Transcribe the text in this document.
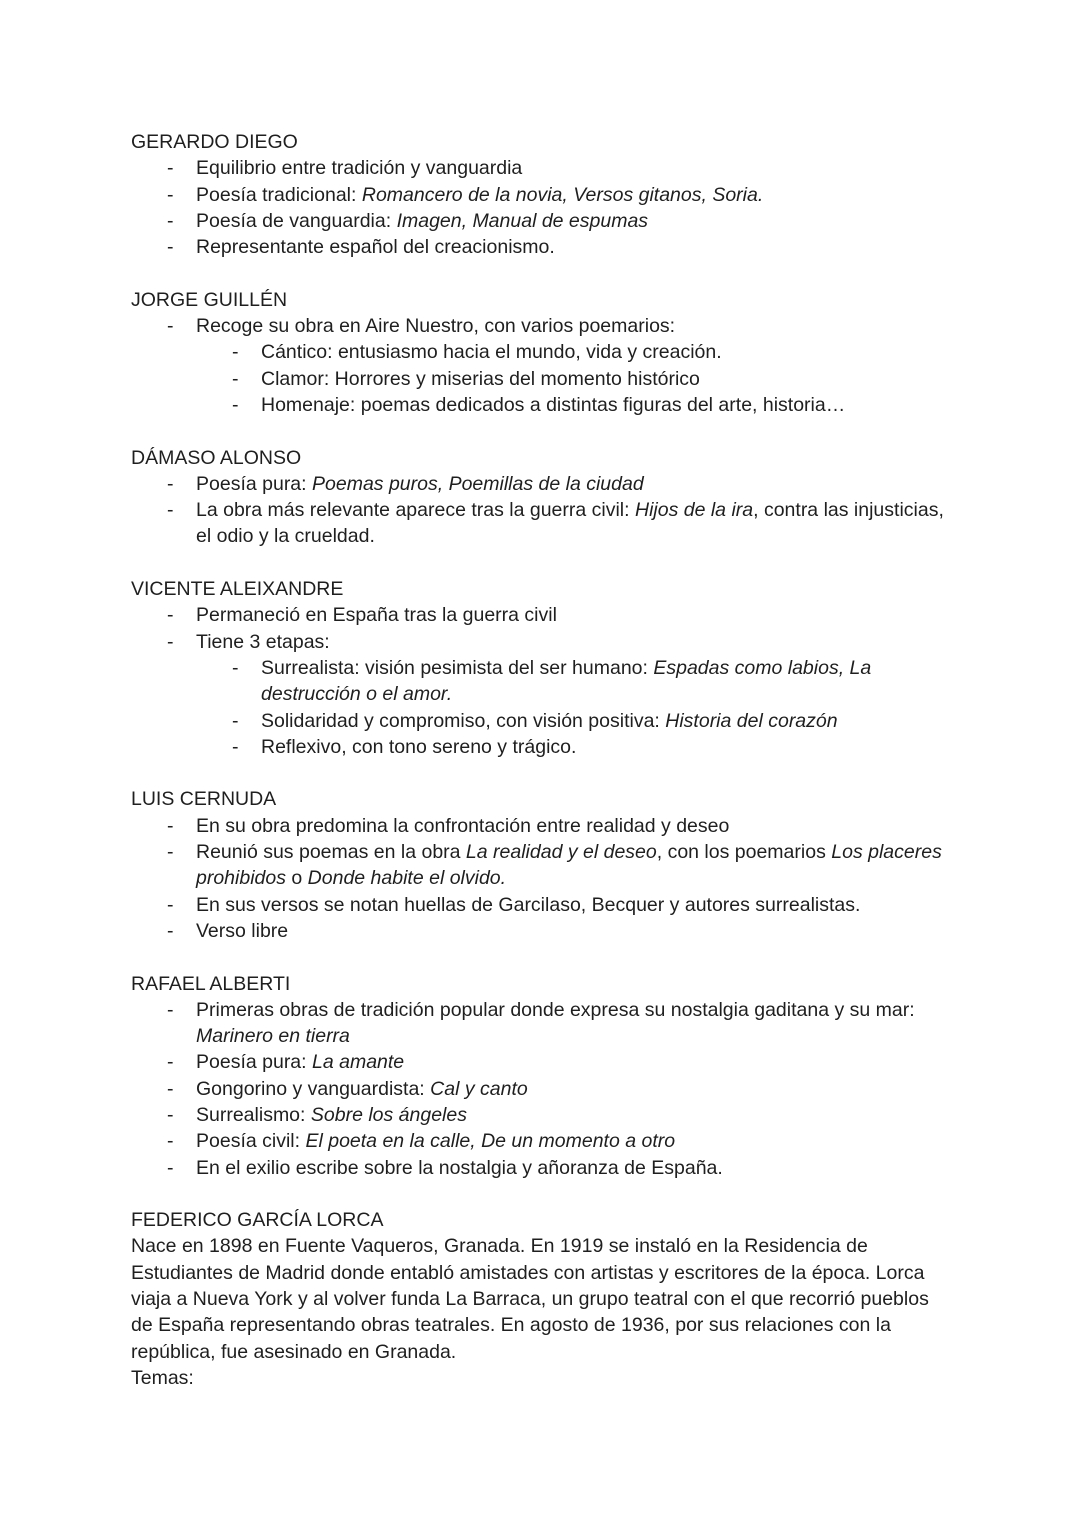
GERARDO DIEGO

- Equilibrio entre tradición y vanguardia
- Poesía tradicional: Romancero de la novia, Versos gitanos, Soria.
- Poesía de vanguardia: Imagen, Manual de espumas
- Representante español del creacionismo.

JORGE GUILLÉN

- Recoge su obra en Aire Nuestro, con varios poemarios:
- Cántico: entusiasmo hacia el mundo, vida y creación.
- Clamor: Horrores y miserias del momento histórico
- Homenaje: poemas dedicados a distintas figuras del arte, historia…

DÁMASO ALONSO

- Poesía pura: Poemas puros, Poemillas de la ciudad
- La obra más relevante aparece tras la guerra civil: Hijos de la ira, contra las injusticias, el odio y la crueldad.

VICENTE ALEIXANDRE

- Permaneció en España tras la guerra civil
- Tiene 3 etapas:
- Surrealista: visión pesimista del ser humano: Espadas como labios, La destrucción o el amor.
- Solidaridad y compromiso, con visión positiva: Historia del corazón
- Reflexivo, con tono sereno y trágico.

LUIS CERNUDA

- En su obra predomina la confrontación entre realidad y deseo
- Reunió sus poemas en la obra La realidad y el deseo, con los poemarios Los placeres prohibidos o Donde habite el olvido.
- En sus versos se notan huellas de Garcilaso, Becquer y autores surrealistas.
- Verso libre

RAFAEL ALBERTI

- Primeras obras de tradición popular donde expresa su nostalgia gaditana y su mar: Marinero en tierra
- Poesía pura: La amante
- Gongorino y vanguardista: Cal y canto
- Surrealismo: Sobre los ángeles
- Poesía civil: El poeta en la calle, De un momento a otro
- En el exilio escribe sobre la nostalgia y añoranza de España.

FEDERICO GARCÍA LORCA

Nace en 1898 en Fuente Vaqueros, Granada. En 1919 se instaló en la Residencia de Estudiantes de Madrid donde entabló amistades con artistas y escritores de la época. Lorca viaja a Nueva York y al volver funda La Barraca, un grupo teatral con el que recorrió pueblos de España representando obras teatrales. En agosto de 1936, por sus relaciones con la república, fue asesinado en Granada.

Temas:
